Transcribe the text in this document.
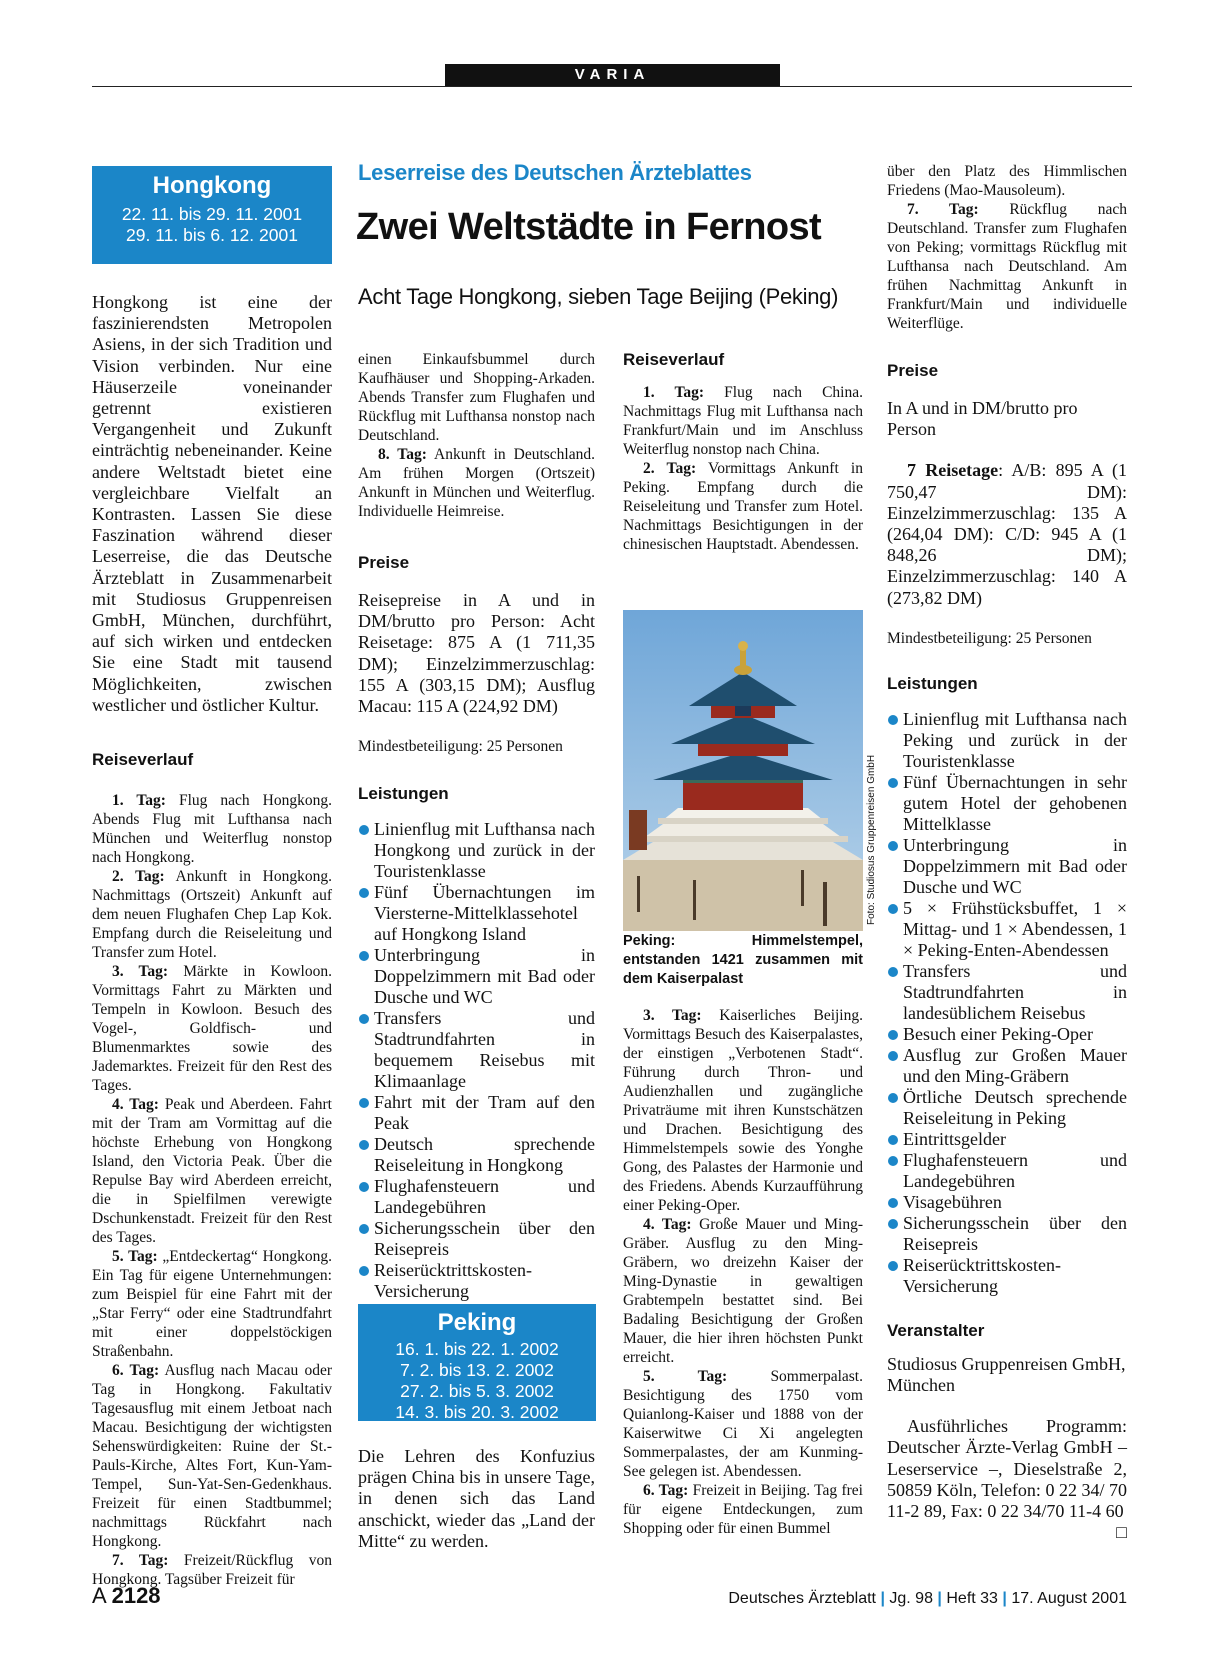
VARIA
Hongkong
22. 11. bis 29. 11. 2001
29. 11. bis 6. 12. 2001

Hongkong ist eine der faszinierendsten Metropolen Asiens, in der sich Tradition und Vision verbinden. Nur eine Häuserzeile voneinander getrennt existieren Vergangenheit und Zukunft einträchtig nebeneinander. Keine andere Weltstadt bietet eine vergleichbare Vielfalt an Kontrasten. Lassen Sie diese Faszination während dieser Leserreise, die das Deutsche Ärzteblatt in Zusammenarbeit mit Studiosus Gruppenreisen GmbH, München, durchführt, auf sich wirken und entdecken Sie eine Stadt mit tausend Möglichkeiten, zwischen westlicher und östlicher Kultur.

Reiseverlauf

1. Tag: Flug nach Hongkong. Abends Flug mit Lufthansa nach München und Weiterflug nonstop nach Hongkong.

2. Tag: Ankunft in Hongkong. Nachmittags (Ortszeit) Ankunft auf dem neuen Flughafen Chep Lap Kok. Empfang durch die Reiseleitung und Transfer zum Hotel.

3. Tag: Märkte in Kowloon. Vormittags Fahrt zu Märkten und Tempeln in Kowloon. Besuch des Vogel-, Goldfisch- und Blumenmarktes sowie des Jademarktes. Freizeit für den Rest des Tages.

4. Tag: Peak und Aberdeen. Fahrt mit der Tram am Vormittag auf die höchste Erhebung von Hongkong Island, den Victoria Peak. Über die Repulse Bay wird Aberdeen erreicht, die in Spielfilmen verewigte Dschunkenstadt. Freizeit für den Rest des Tages.

5. Tag: „Entdeckertag“ Hongkong. Ein Tag für eigene Unternehmungen: zum Beispiel für eine Fahrt mit der „Star Ferry“ oder eine Stadtrundfahrt mit einer doppelstöckigen Straßenbahn.

6. Tag: Ausflug nach Macau oder Tag in Hongkong. Fakultativ Tagesausflug mit einem Jetboat nach Macau. Besichtigung der wichtigsten Sehenswürdigkeiten: Ruine der St.-Pauls-Kirche, Altes Fort, Kun-Yam-Tempel, Sun-Yat-Sen-Gedenkhaus. Freizeit für einen Stadtbummel; nachmittags Rückfahrt nach Hongkong.

7. Tag: Freizeit/Rückflug von Hongkong. Tagsüber Freizeit für

Leserreise des Deutschen Ärzteblattes
Zwei Weltstädte in Fernost
Acht Tage Hongkong, sieben Tage Beijing (Peking)

einen Einkaufsbummel durch Kaufhäuser und Shopping-Arkaden. Abends Transfer zum Flughafen und Rückflug mit Lufthansa nonstop nach Deutschland.

8. Tag: Ankunft in Deutschland. Am frühen Morgen (Ortszeit) Ankunft in München und Weiterflug. Individuelle Heimreise.

Preise

Reisepreise in A und in DM/brutto pro Person: Acht Reisetage: 875 A (1 711,35 DM); Einzelzimmerzuschlag: 155 A (303,15 DM); Ausflug Macau: 115 A (224,92 DM)

Mindestbeteiligung: 25 Personen

Leistungen

Linienflug mit Lufthansa nach Hongkong und zurück in der Touristenklasse
Fünf Übernachtungen im Viersterne-Mittelklassehotel auf Hongkong Island
Unterbringung in Doppelzimmern mit Bad oder Dusche und WC
Transfers und Stadtrundfahrten in bequemem Reisebus mit Klimaanlage
Fahrt mit der Tram auf den Peak
Deutsch sprechende Reiseleitung in Hongkong
Flughafensteuern und Landegebühren
Sicherungsschein über den Reisepreis
Reiserücktrittskosten-Versicherung
Peking
16. 1. bis 22. 1. 2002
7. 2. bis 13. 2. 2002
27. 2. bis 5. 3. 2002
14. 3. bis 20. 3. 2002

Die Lehren des Konfuzius prägen China bis in unsere Tage, in denen sich das Land anschickt, wieder das „Land der Mitte“ zu werden.

Reiseverlauf

1. Tag: Flug nach China. Nachmittags Flug mit Lufthansa nach Frankfurt/Main und im Anschluss Weiterflug nonstop nach China.

2. Tag: Vormittags Ankunft in Peking. Empfang durch die Reiseleitung und Transfer zum Hotel. Nachmittags Besichtigungen in der chinesischen Hauptstadt. Abendessen.

Foto: Studiosus Gruppenreisen GmbH

Peking: Himmelstempel, entstanden 1421 zusammen mit dem Kaiserpalast

3. Tag: Kaiserliches Beijing. Vormittags Besuch des Kaiserpalastes, der einstigen „Verbotenen Stadt“. Führung durch Thron- und Audienzhallen und zugängliche Privaträume mit ihren Kunstschätzen und Drachen. Besichtigung des Himmelstempels sowie des Yonghe Gong, des Palastes der Harmonie und des Friedens. Abends Kurzaufführung einer Peking-Oper.

4. Tag: Große Mauer und Ming-Gräber. Ausflug zu den Ming-Gräbern, wo dreizehn Kaiser der Ming-Dynastie in gewaltigen Grabtempeln bestattet sind. Bei Badaling Besichtigung der Großen Mauer, die hier ihren höchsten Punkt erreicht.

5. Tag: Sommerpalast. Besichtigung des 1750 vom Quianlong-Kaiser und 1888 von der Kaiserwitwe Ci Xi angelegten Sommerpalastes, der am Kunming-See gelegen ist. Abendessen.

6. Tag: Freizeit in Beijing. Tag frei für eigene Entdeckungen, zum Shopping oder für einen Bummel

über den Platz des Himmlischen Friedens (Mao-Mausoleum).

7. Tag: Rückflug nach Deutschland. Transfer zum Flughafen von Peking; vormittags Rückflug mit Lufthansa nach Deutschland. Am frühen Nachmittag Ankunft in Frankfurt/Main und individuelle Weiterflüge.

Preise

In A und in DM/brutto pro Person

7 Reisetage: A/B: 895 A (1 750,47 DM): Einzelzimmerzuschlag: 135 A (264,04 DM): C/D: 945 A (1 848,26 DM); Einzelzimmerzuschlag: 140 A (273,82 DM)

Mindestbeteiligung: 25 Personen

Leistungen

Linienflug mit Lufthansa nach Peking und zurück in der Touristenklasse
Fünf Übernachtungen in sehr gutem Hotel der gehobenen Mittelklasse
Unterbringung in Doppelzimmern mit Bad oder Dusche und WC
5 × Frühstücksbuffet, 1 × Mittag- und 1 × Abendessen, 1 × Peking-Enten-Abendessen
Transfers und Stadtrundfahrten in landesüblichem Reisebus
Besuch einer Peking-Oper
Ausflug zur Großen Mauer und den Ming-Gräbern
Örtliche Deutsch sprechende Reiseleitung in Peking
Eintrittsgelder
Flughafensteuern und Landegebühren
Visagebühren
Sicherungsschein über den Reisepreis
Reiserücktrittskosten-Versicherung

Veranstalter

Studiosus Gruppenreisen GmbH, München

Ausführliches Programm: Deutscher Ärzte-Verlag GmbH – Leserservice –, Dieselstraße 2, 50859 Köln, Telefon: 0 22 34/ 70 11-2 89, Fax: 0 22 34/70 11-4 60
□

A 2128	Deutsches Ärzteblatt | Jg. 98 | Heft 33 | 17. August 2001
